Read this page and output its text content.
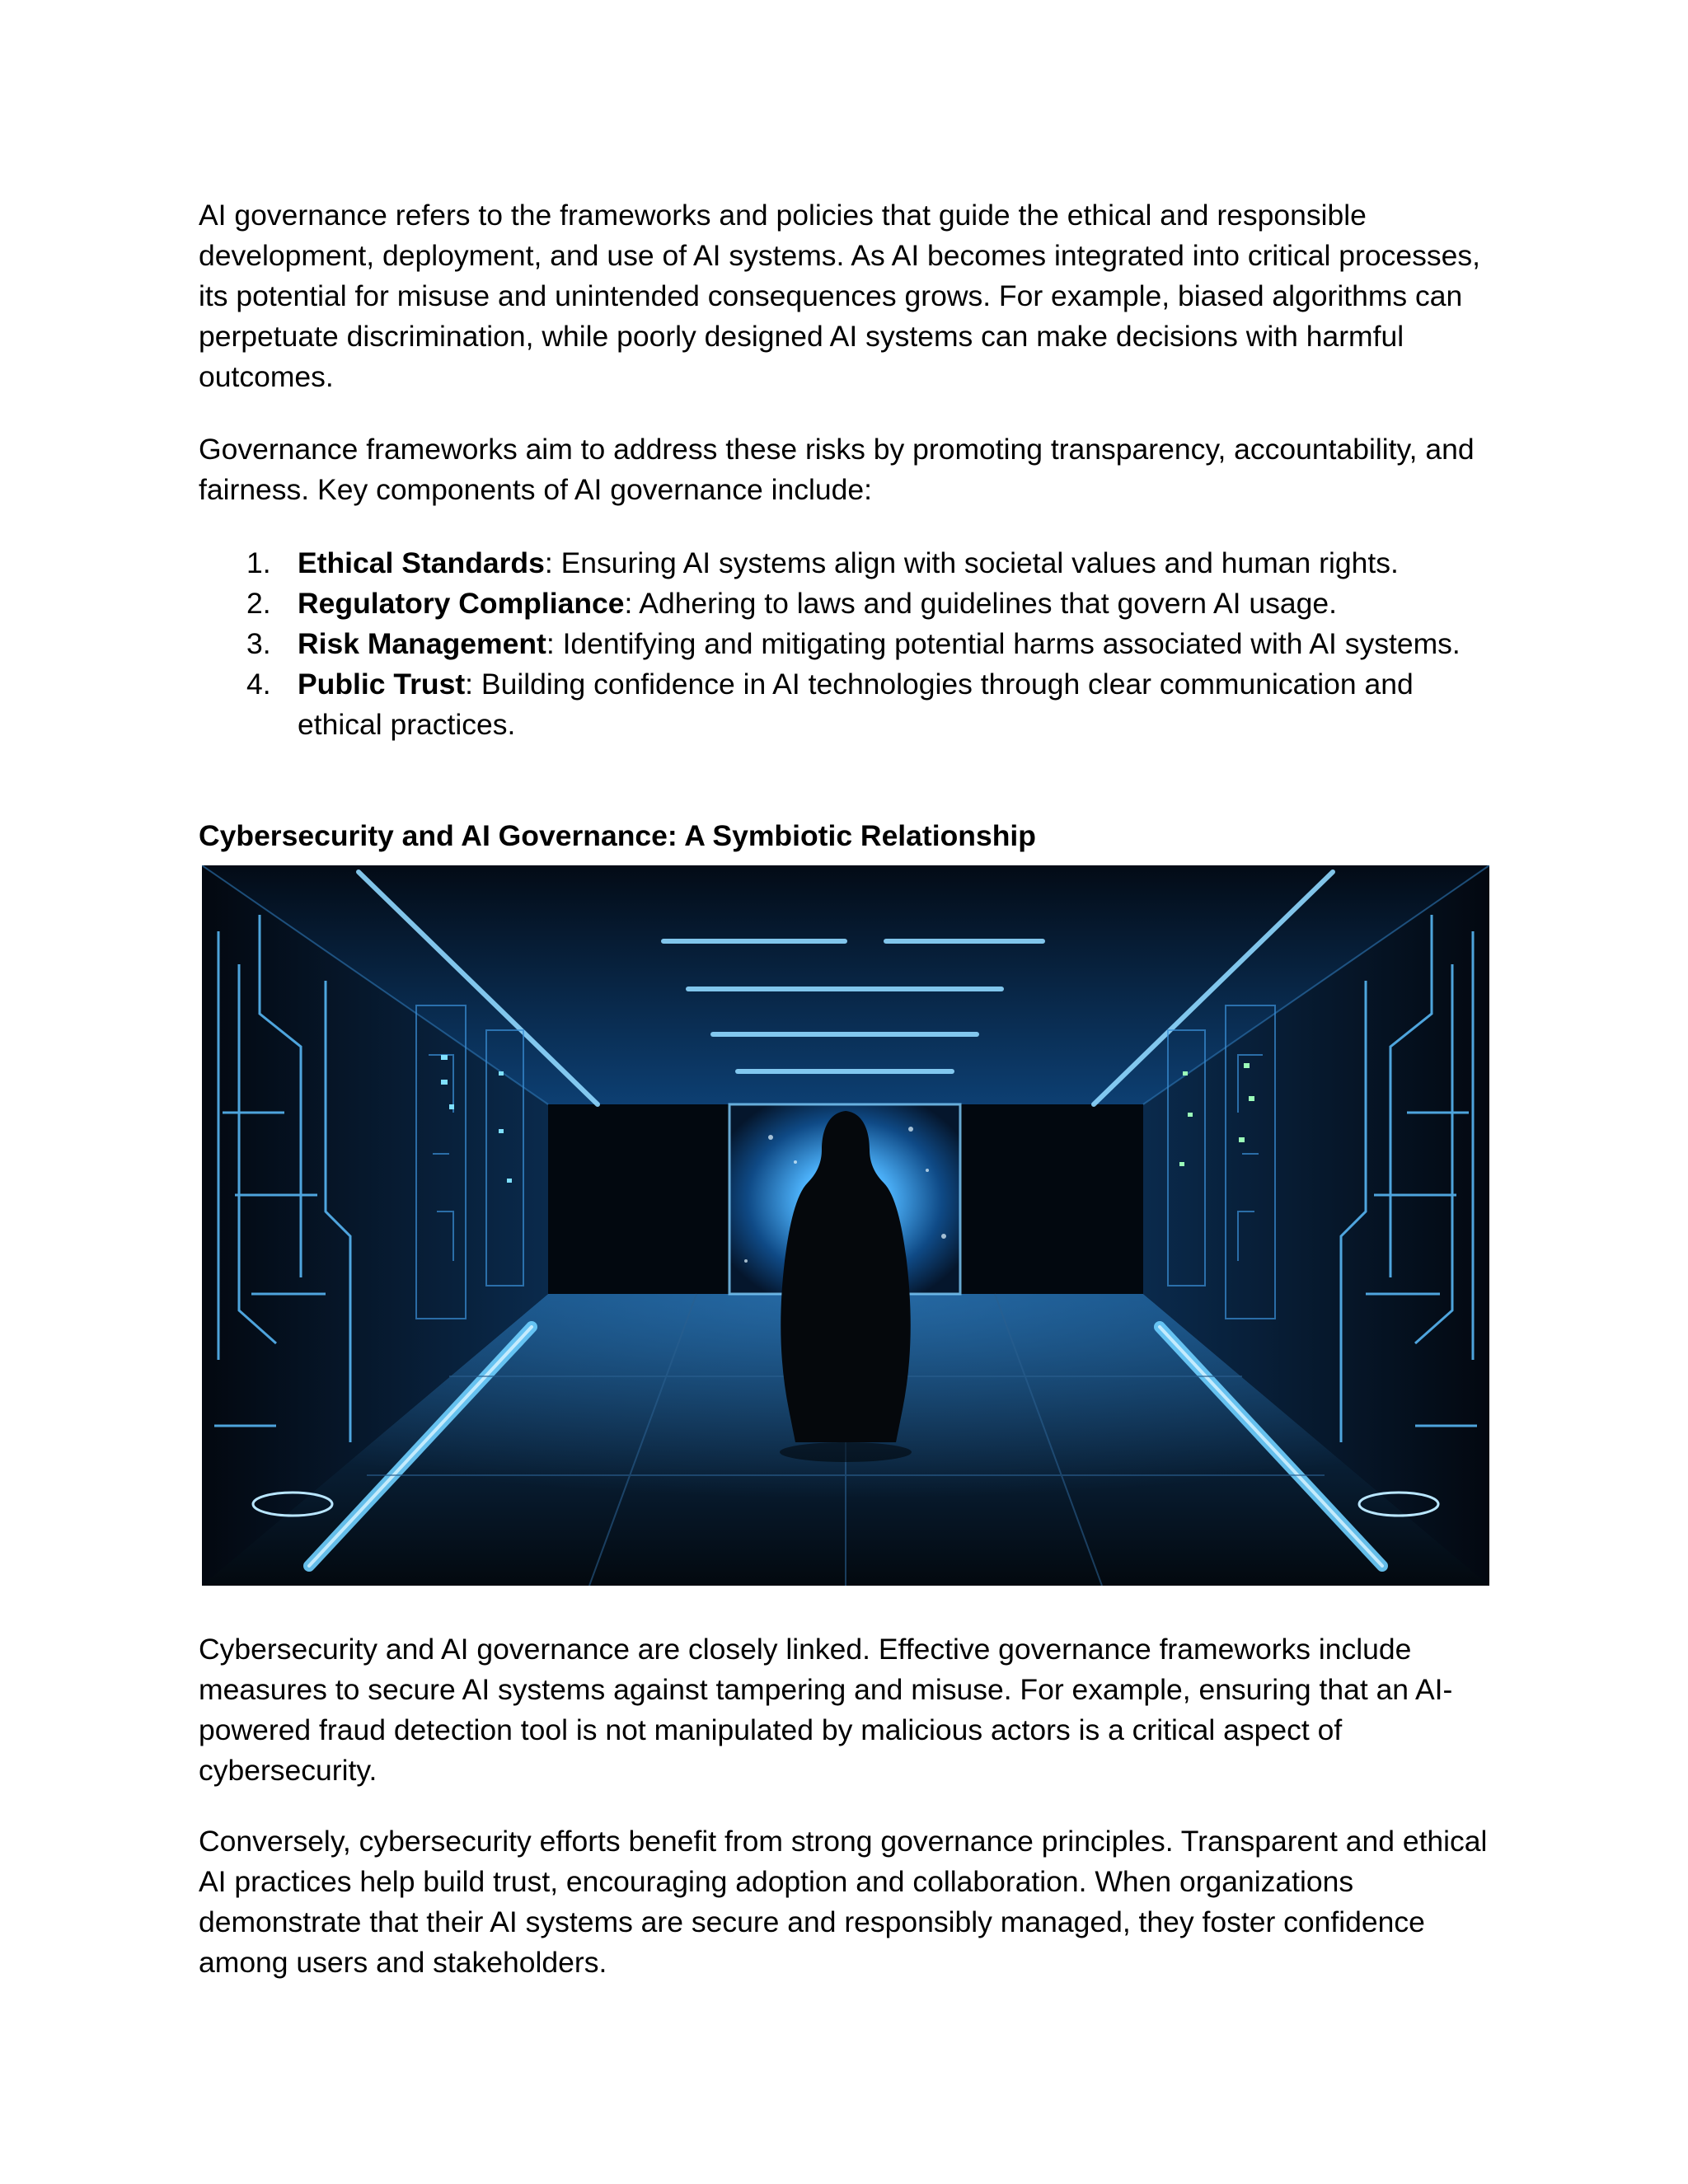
AI governance refers to the frameworks and policies that guide the ethical and responsible development, deployment, and use of AI systems. As AI becomes integrated into critical processes, its potential for misuse and unintended consequences grows. For example, biased algorithms can perpetuate discrimination, while poorly designed AI systems can make decisions with harmful outcomes.

Governance frameworks aim to address these risks by promoting transparency, accountability, and fairness. Key components of AI governance include:

1. Ethical Standards: Ensuring AI systems align with societal values and human rights.
2. Regulatory Compliance: Adhering to laws and guidelines that govern AI usage.
3. Risk Management: Identifying and mitigating potential harms associated with AI systems.
4. Public Trust: Building confidence in AI technologies through clear communication and ethical practices.
Cybersecurity and AI Governance: A Symbiotic Relationship

Cybersecurity and AI governance are closely linked. Effective governance frameworks include measures to secure AI systems against tampering and misuse. For example, ensuring that an AI-powered fraud detection tool is not manipulated by malicious actors is a critical aspect of cybersecurity.

Conversely, cybersecurity efforts benefit from strong governance principles. Transparent and ethical AI practices help build trust, encouraging adoption and collaboration. When organizations demonstrate that their AI systems are secure and responsibly managed, they foster confidence among users and stakeholders.
